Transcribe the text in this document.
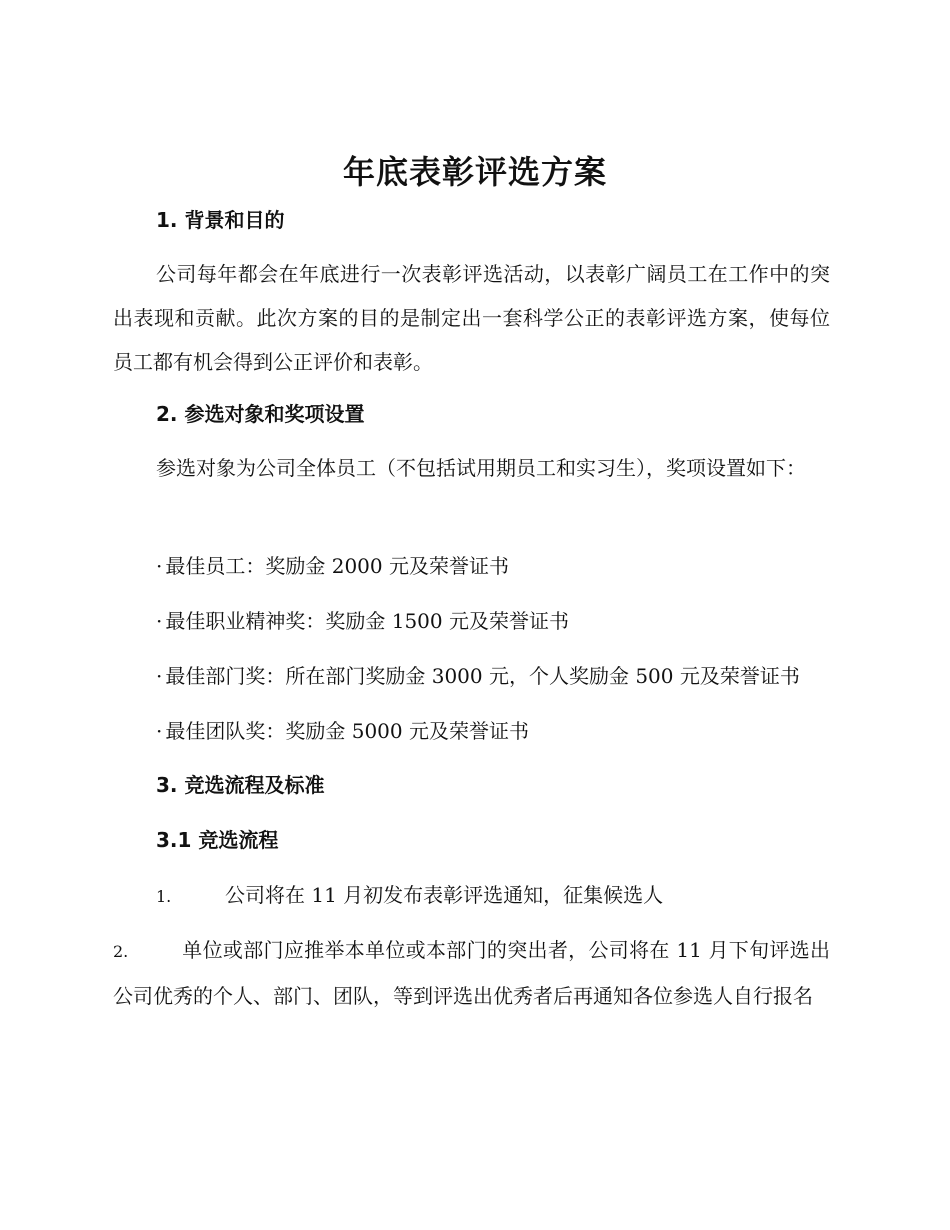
年底表彰评选方案
1. 背景和目的

公司每年都会在年底进行一次表彰评选活动，以表彰广阔员工在工作中的突出表现和贡献。此次方案的目的是制定出一套科学公正的表彰评选方案，使每位员工都有机会得到公正评价和表彰。

2. 参选对象和奖项设置

参选对象为公司全体员工（不包括试用期员工和实习生），奖项设置如下：

· 最佳员工：奖励金 2000 元及荣誉证书

· 最佳职业精神奖：奖励金 1500 元及荣誉证书

· 最佳部门奖：所在部门奖励金 3000 元，个人奖励金 500 元及荣誉证书

· 最佳团队奖：奖励金 5000 元及荣誉证书

3. 竞选流程及标准
3.1 竞选流程

1.	公司将在 11 月初发布表彰评选通知，征集候选人

2.	单位或部门应推举本单位或本部门的突出者，公司将在 11 月下旬评选出公司优秀的个人、部门、团队，等到评选出优秀者后再通知各位参选人自行报名
